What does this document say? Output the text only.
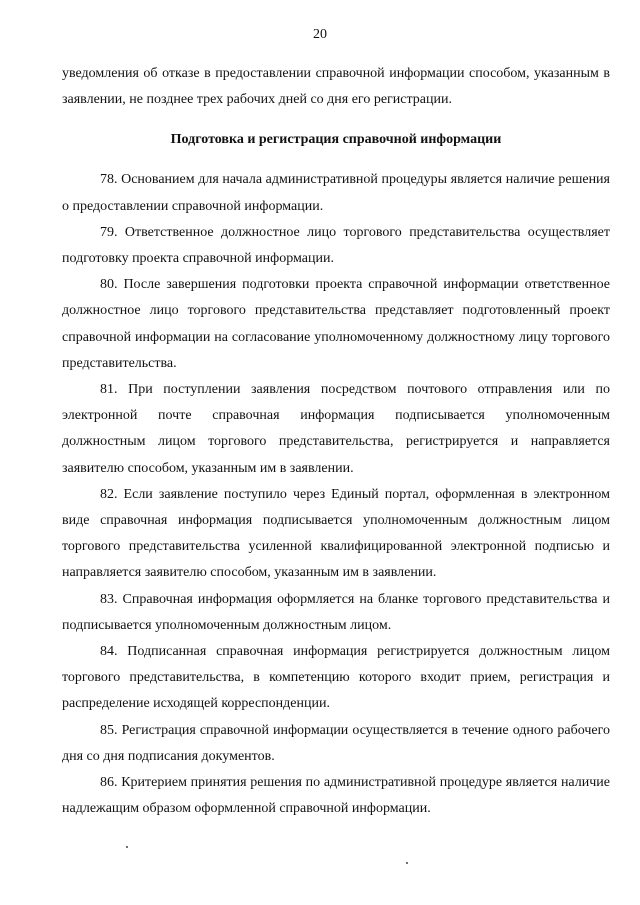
20

уведомления об отказе в предоставлении справочной информации способом, указанным в заявлении, не позднее трех рабочих дней со дня его регистрации.

Подготовка и регистрация справочной информации

78. Основанием для начала административной процедуры является наличие решения о предоставлении справочной информации.

79. Ответственное должностное лицо торгового представительства осуществляет подготовку проекта справочной информации.

80. После завершения подготовки проекта справочной информации ответственное должностное лицо торгового представительства представляет подготовленный проект справочной информации на согласование уполномоченному должностному лицу торгового представительства.

81. При поступлении заявления посредством почтового отправления или по электронной почте справочная информация подписывается уполномоченным должностным лицом торгового представительства, регистрируется и направляется заявителю способом, указанным им в заявлении.

82. Если заявление поступило через Единый портал, оформленная в электронном виде справочная информация подписывается уполномоченным должностным лицом торгового представительства усиленной квалифицированной электронной подписью и направляется заявителю способом, указанным им в заявлении.

83. Справочная информация оформляется на бланке торгового представительства и подписывается уполномоченным должностным лицом.

84. Подписанная справочная информация регистрируется должностным лицом торгового представительства, в компетенцию которого входит прием, регистрация и распределение исходящей корреспонденции.

85. Регистрация справочной информации осуществляется в течение одного рабочего дня со дня подписания документов.

86. Критерием принятия решения по административной процедуре является наличие надлежащим образом оформленной справочной информации.
